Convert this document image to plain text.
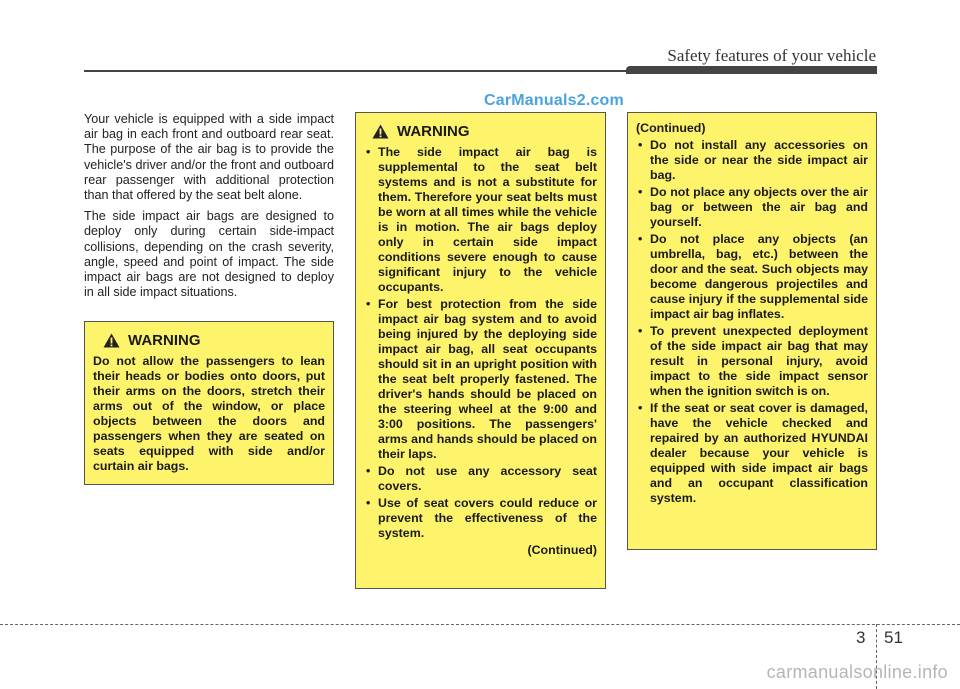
Safety features of your vehicle
CarManuals2.com

Your vehicle is equipped with a side impact air bag in each front and outboard rear seat. The purpose of the air bag is to provide the vehicle's driver and/or the front and outboard rear passenger with additional protection than that offered by the seat belt alone.

The side impact air bags are designed to deploy only during certain side-impact collisions, depending on the crash severity, angle, speed and point of impact. The side impact air bags are not designed to deploy in all side impact situations.

WARNING
Do not allow the passengers to lean their heads or bodies onto doors, put their arms on the doors, stretch their arms out of the window, or place objects between the doors and passengers when they are seated on seats equipped with side and/or curtain air bags.
WARNING
• The side impact air bag is supplemental to the seat belt systems and is not a substitute for them. Therefore your seat belts must be worn at all times while the vehicle is in motion. The air bags deploy only in certain side impact conditions severe enough to cause significant injury to the vehicle occupants.
• For best protection from the side impact air bag system and to avoid being injured by the deploying side impact air bag, all seat occupants should sit in an upright position with the seat belt properly fastened. The driver's hands should be placed on the steering wheel at the 9:00 and 3:00 positions. The passengers' arms and hands should be placed on their laps.
• Do not use any accessory seat covers.
• Use of seat covers could reduce or prevent the effectiveness of the system.
(Continued)
(Continued)
• Do not install any accessories on the side or near the side impact air bag.
• Do not place any objects over the air bag or between the air bag and yourself.
• Do not place any objects (an umbrella, bag, etc.) between the door and the seat. Such objects may become dangerous projectiles and cause injury if the supplemental side impact air bag inflates.
• To prevent unexpected deployment of the side impact air bag that may result in personal injury, avoid impact to the side impact sensor when the ignition switch is on.
• If the seat or seat cover is damaged, have the vehicle checked and repaired by an authorized HYUNDAI dealer because your vehicle is equipped with side impact air bags and an occupant classification system.
3 51
carmanualsonline.info
